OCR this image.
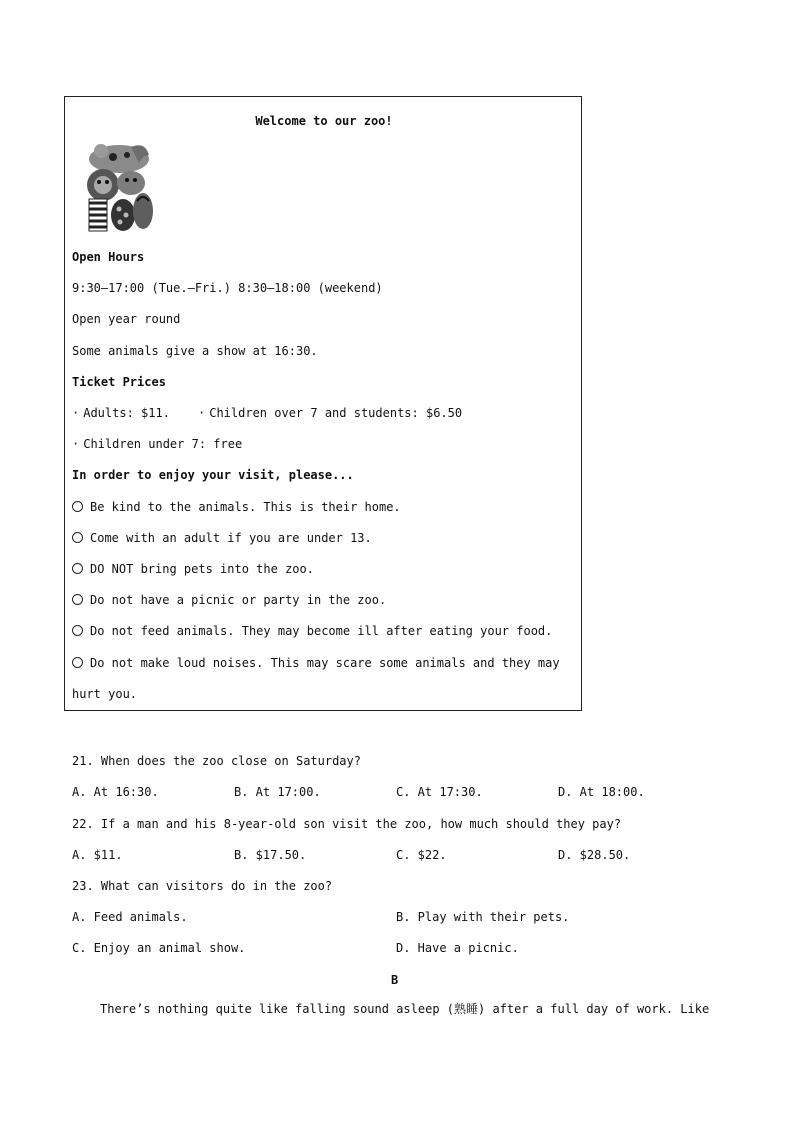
Welcome to our zoo!
Open Hours
9:30—17:00 (Tue.—Fri.) 8:30—18:00 (weekend)
Open year round
Some animals give a show at 16:30.
Ticket Prices
· Adults: $11. · Children over 7 and students: $6.50
· Children under 7: free
In order to enjoy your visit, please...
Be kind to the animals. This is their home.
Come with an adult if you are under 13.
DO NOT bring pets into the zoo.
Do not have a picnic or party in the zoo.
Do not feed animals. They may become ill after eating your food.
Do not make loud noises. This may scare some animals and they may
hurt you.
21. When does the zoo close on Saturday?
A. At 16:30.	B. At 17:00.	C. At 17:30.	D. At 18:00.
22. If a man and his 8-year-old son visit the zoo, how much should they pay?
A. $11.	B. $17.50.	C. $22.	D. $28.50.
23. What can visitors do in the zoo?
A. Feed animals.	B. Play with their pets.
C. Enjoy an animal show.	D. Have a picnic.
B
There’s nothing quite like falling sound asleep (熟睡) after a full day of work. Like
